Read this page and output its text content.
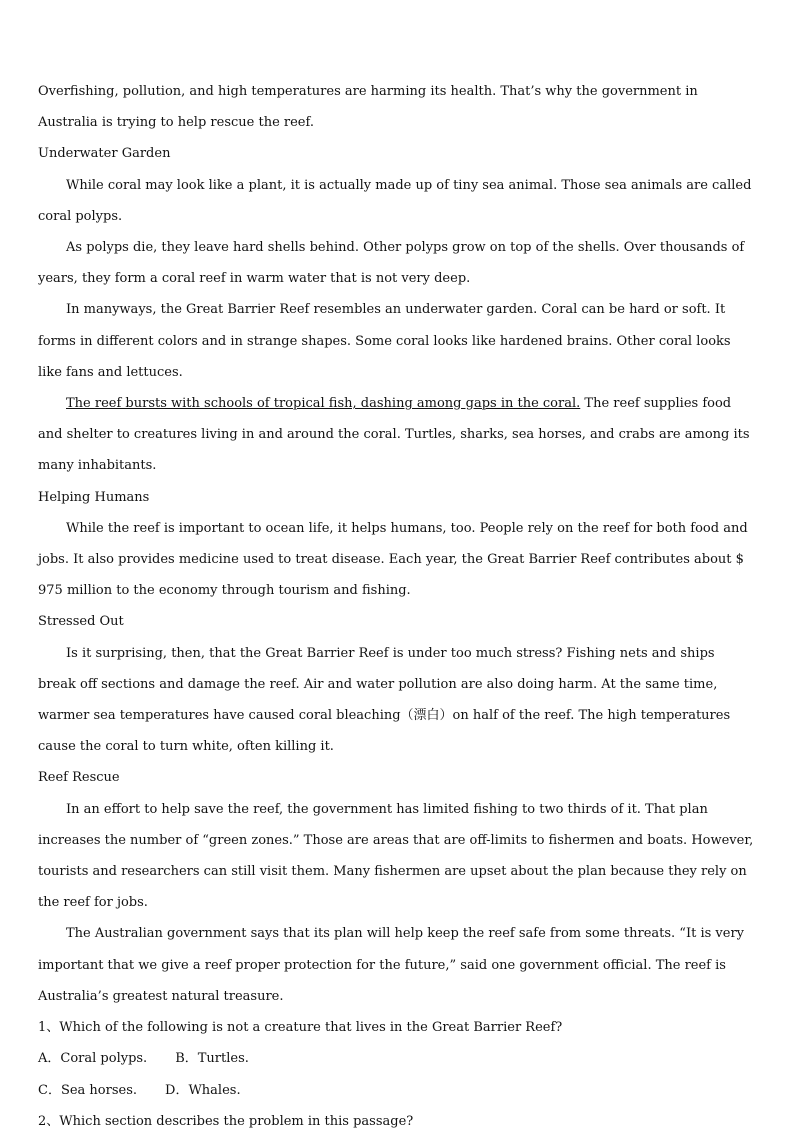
Overfishing, pollution, and high temperatures are harming its health. That’s why the government in Australia is trying to help rescue the reef.

Underwater Garden

While coral may look like a plant, it is actually made up of tiny sea animal. Those sea animals are called coral polyps.

As polyps die, they leave hard shells behind. Other polyps grow on top of the shells. Over thousands of years, they form a coral reef in warm water that is not very deep.

In manyways, the Great Barrier Reef resembles an underwater garden. Coral can be hard or soft. It forms in different colors and in strange shapes. Some coral looks like hardened brains. Other coral looks like fans and lettuces.

The reef bursts with schools of tropical fish, dashing among gaps in the coral. The reef supplies food and shelter to creatures living in and around the coral. Turtles, sharks, sea horses, and crabs are among its many inhabitants.

Helping Humans

While the reef is important to ocean life, it helps humans, too. People rely on the reef for both food and jobs. It also provides medicine used to treat disease. Each year, the Great Barrier Reef contributes about $ 975 million to the economy through tourism and fishing.

Stressed Out

Is it surprising, then, that the Great Barrier Reef is under too much stress? Fishing nets and ships break off sections and damage the reef. Air and water pollution are also doing harm. At the same time, warmer sea temperatures have caused coral bleaching（漂白）on half of the reef. The high temperatures cause the coral to turn white, often killing it.

Reef Rescue

In an effort to help save the reef, the government has limited fishing to two thirds of it. That plan increases the number of “green zones.” Those are areas that are off-limits to fishermen and boats. However, tourists and researchers can still visit them. Many fishermen are upset about the plan because they rely on the reef for jobs.

The Australian government says that its plan will help keep the reef safe from some threats. “It is very important that we give a reef proper protection for the future,” said one government official. The reef is Australia’s greatest natural treasure.

1、Which of the following is not a creature that lives in the Great Barrier Reef?

A．Coral polyps. B．Turtles.
C．Sea horses. D．Whales.

2、Which section describes the problem in this passage?
